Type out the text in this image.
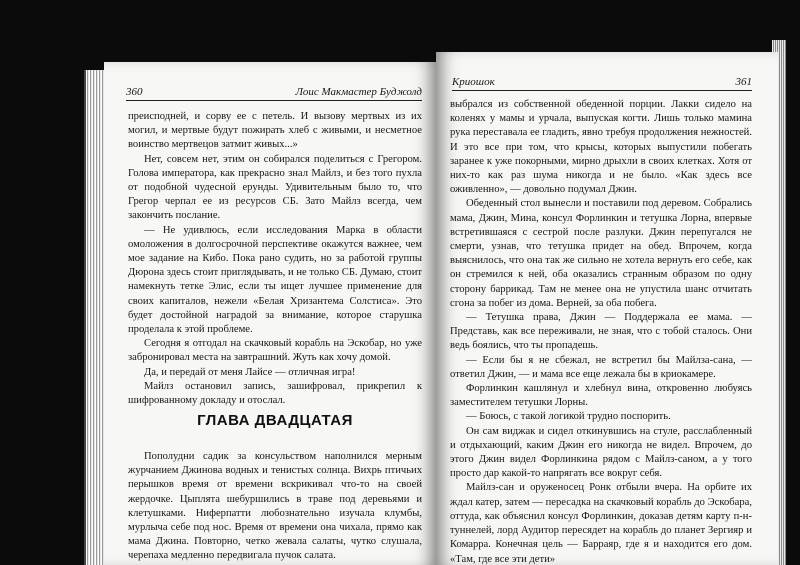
360	Лоис Макмастер Буджолд

преисподней, и сорву ее с петель. И вызову мертвых из их могил, и мертвые будут пожирать хлеб с живыми, и несметное воинство мертвецов затмит живых...»

Нет, совсем нет, этим он собирался поделиться с Грегором. Голова императора, как прекрасно знал Майлз, и без того пухла от подобной чудесной ерунды. Удивительным было то, что Грегор черпал ее из ресурсов СБ. Зато Майлз всегда, чем закончить послание.

— Не удивлюсь, если исследования Марка в области омоложения в долгосрочной перспективе окажутся важнее, чем мое задание на Кибо. Пока рано судить, но за работой группы Дюрона здесь стоит приглядывать, и не только СБ. Думаю, стоит намекнуть тетке Элис, если ты ищет лучшее применение для своих капиталов, нежели «Белая Хризантема Солстиса». Это будет достойной наградой за внимание, которое старушка проделала к этой проблеме.

Сегодня я отгодал на скачковый корабль на Эскобар, но уже забронировал места на завтрашний. Жуть как хочу домой.

Да, и передай от меня Лайсе — отличная игра!

Майлз остановил запись, зашифровал, прикрепил к шифрованному докладу и отослал.

ГЛАВА ДВАДЦАТАЯ

Пополудни садик за консульством наполнился мерным журчанием Джинова водных и тенистых солнца. Вихрь птичьих перышков время от времени вскрикивал что-то на своей жердочке. Цыплята шебуршились в траве под деревьями и клетушками. Ниферпатти любознательно изучала клумбы, мурлыча себе под нос. Время от времени она чихала, прямо как мама Джина. Повторно, четко жевала салаты, чутко слушала, черепаха медленно передвигала пучок салата.

Криошок	361

выбрался из собственной обеденной порции. Лакки сидело на коленях у мамы и урчала, выпуская когти. Лишь только мамина рука переставала ее гладить, явно требуя продолжения нежностей. И это все при том, что крысы, которых выпустили побегать заранее к уже покорными, мирно дрыхли в своих клетках. Хотя от них-то как раз шума никогда и не было. «Как здесь все оживленно», — довольно подумал Джин.

Обеденный стол вынесли и поставили под деревом. Собрались мама, Джин, Мина, консул Форлинкин и тетушка Лорна, впервые встретившаяся с сестрой после разлуки. Джин перепугался не смерти, узнав, что тетушка придет на обед. Впрочем, когда выяснилось, что она так же сильно не хотела вернуть его себе, как он стремился к ней, оба оказались странным образом по одну сторону баррикад. Там не менее она не упустила шанс отчитать сгона за побег из дома. Верней, за оба побега.

— Тетушка права, Джин — Поддержала ее мама. — Представь, как все переживали, не зная, что с тобой сталось. Они ведь боялись, что ты пропадешь.

— Если бы я не сбежал, не встретил бы Майлза-сана, — ответил Джин, — и мама все еще лежала бы в криокамере.

Форлинкин кашлянул и хлебнул вина, откровенно любуясь заместителем тетушки Лорны.

— Боюсь, с такой логикой трудно поспорить.

Он сам виджак и сидел откинувшись на стуле, расслабленный и отдыхающий, каким Джин его никогда не видел. Впрочем, до этого Джин видел Форлинкина рядом с Майлз-саном, а у того просто дар какой-то напрягать все вокруг себя.

Майлз-сан и оруженосец Ронк отбыли вчера. На орбите их ждал катер, затем — пересадка на скачковый корабль до Эскобара, оттуда, как объяснил консул Форлинкин, доказав детям карту п-н-туннелей, лорд Аудитор пересядет на корабль до планет Зергияр и Комарра. Конечная цель — Барраяр, где я и находится его дом. «Там, где все эти дети»
